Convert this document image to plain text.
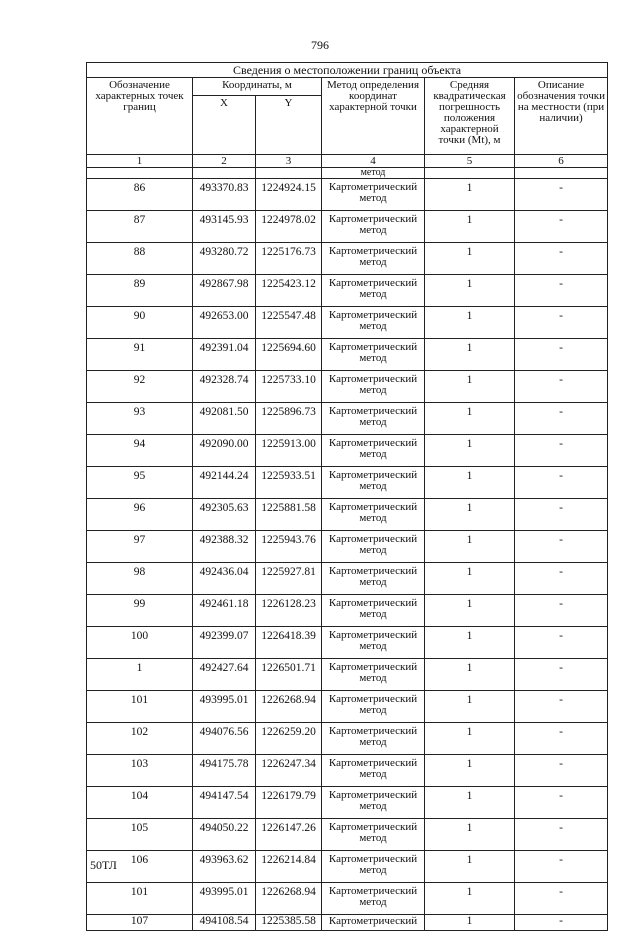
796
Сведения о местоположении границ объекта					
Обозначение характерных точек границ	Координаты, м		Метод определения координат характерной точки	Средняя квадратическая погрешность положения характерной точки (Mt), м	Описание обозначения точки на местности (при наличии)
	X	Y			
1	2	3	4	5	6
			метод		
86	493370.83	1224924.15	Картометрический метод	1	-
87	493145.93	1224978.02	Картометрический метод	1	-
88	493280.72	1225176.73	Картометрический метод	1	-
89	492867.98	1225423.12	Картометрический метод	1	-
90	492653.00	1225547.48	Картометрический метод	1	-
91	492391.04	1225694.60	Картометрический метод	1	-
92	492328.74	1225733.10	Картометрический метод	1	-
93	492081.50	1225896.73	Картометрический метод	1	-
94	492090.00	1225913.00	Картометрический метод	1	-
95	492144.24	1225933.51	Картометрический метод	1	-
96	492305.63	1225881.58	Картометрический метод	1	-
97	492388.32	1225943.76	Картометрический метод	1	-
98	492436.04	1225927.81	Картометрический метод	1	-
99	492461.18	1226128.23	Картометрический метод	1	-
100	492399.07	1226418.39	Картометрический метод	1	-
1	492427.64	1226501.71	Картометрический метод	1	-
101	493995.01	1226268.94	Картометрический метод	1	-
102	494076.56	1226259.20	Картометрический метод	1	-
103	494175.78	1226247.34	Картометрический метод	1	-
104	494147.54	1226179.79	Картометрический метод	1	-
105	494050.22	1226147.26	Картометрический метод	1	-
106	493963.62	1226214.84	Картометрический метод	1	-
101	493995.01	1226268.94	Картометрический метод	1	-
107	494108.54	1225385.58	Картометрический	1	-
50ТЛ
